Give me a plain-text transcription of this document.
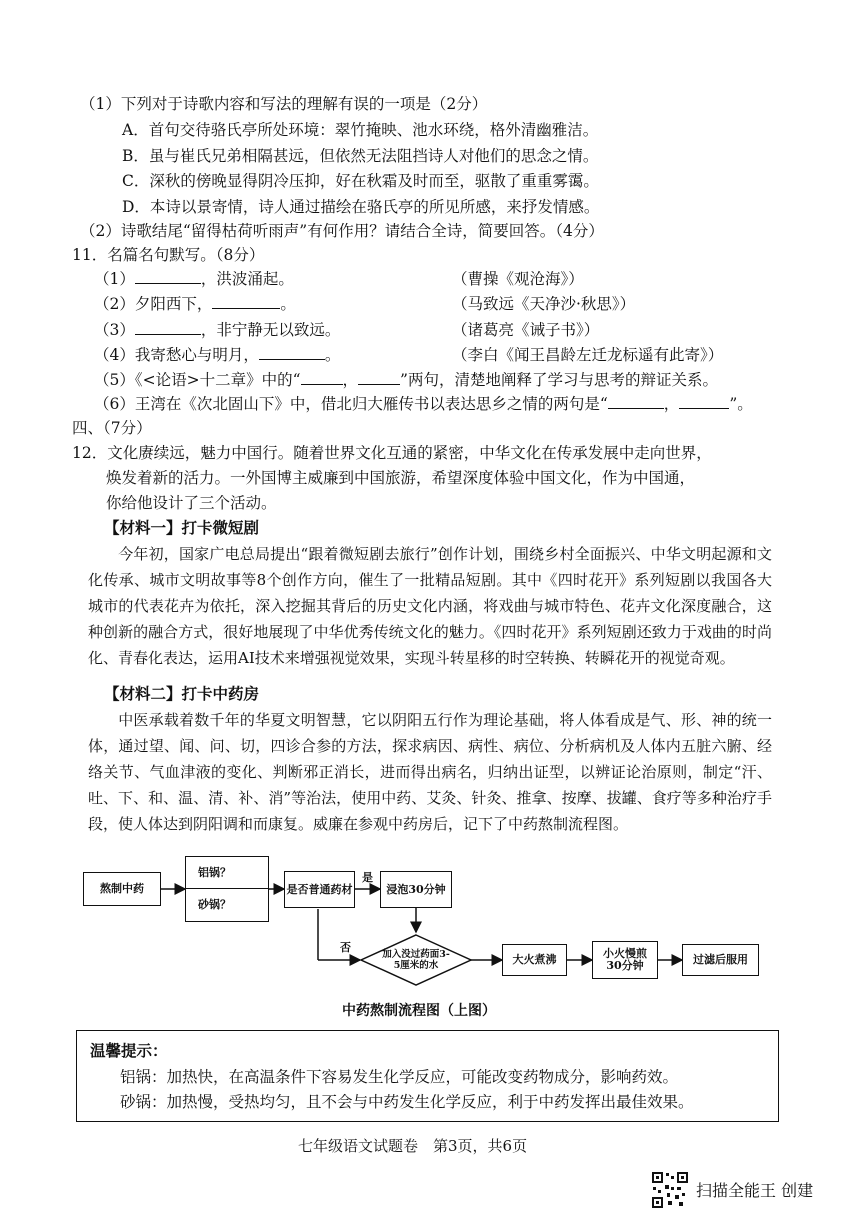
（1）下列对于诗歌内容和写法的理解有误的一项是（2分）
A．首句交待骆氏亭所处环境：翠竹掩映、池水环绕，格外清幽雅洁。
B．虽与崔氏兄弟相隔甚远，但依然无法阻挡诗人对他们的思念之情。
C．深秋的傍晚显得阴冷压抑，好在秋霜及时而至，驱散了重重雾霭。
D．本诗以景寄情，诗人通过描绘在骆氏亭的所见所感，来抒发情感。
（2）诗歌结尾“留得枯荷听雨声”有何作用？请结合全诗，简要回答。（4分）
11．名篇名句默写。（8分）
（1）	，洪波涌起。	（曹操《观沧海》）
（2）夕阳西下，	。	（马致远《天净沙·秋思》）
（3）	，非宁静无以致远。	（诸葛亮《诫子书》）
（4）我寄愁心与明月，	。	（李白《闻王昌龄左迁龙标遥有此寄》）
（5）《<论语>十二章》中的“	，	”两句，清楚地阐释了学习与思考的辩证关系。
（6）王湾在《次北固山下》中，借北归大雁传书以表达思乡之情的两句是“	，	”。
四、（7分）
12．文化赓续远，魅力中国行。随着世界文化互通的紧密，中华文化在传承发展中走向世界，
焕发着新的活力。一外国博主威廉到中国旅游，希望深度体验中国文化，作为中国通，
你给他设计了三个活动。
【材料一】打卡微短剧
今年初，国家广电总局提出“跟着微短剧去旅行”创作计划，围绕乡村全面振兴、中华文明起源和文化传承、城市文明故事等8个创作方向，催生了一批精品短剧。其中《四时花开》系列短剧以我国各大城市的代表花卉为依托，深入挖掘其背后的历史文化内涵，将戏曲与城市特色、花卉文化深度融合，这种创新的融合方式，很好地展现了中华优秀传统文化的魅力。《四时花开》系列短剧还致力于戏曲的时尚化、青春化表达，运用AI技术来增强视觉效果，实现斗转星移的时空转换、转瞬花开的视觉奇观。
【材料二】打卡中药房
中医承载着数千年的华夏文明智慧，它以阴阳五行作为理论基础，将人体看成是气、形、神的统一体，通过望、闻、问、切，四诊合参的方法，探求病因、病性、病位、分析病机及人体内五脏六腑、经络关节、气血津液的变化、判断邪正消长，进而得出病名，归纳出证型，以辨证论治原则，制定“汗、吐、下、和、温、清、补、消”等治法，使用中药、艾灸、针灸、推拿、按摩、拔罐、食疗等多种治疗手段，使人体达到阴阳调和而康复。威廉在参观中药房后，记下了中药熬制流程图。
熬制中药
铝锅？
砂锅？
是否普通药材
是
否
浸泡30分钟
加入没过药面3-5厘米的水	大火煮沸	小火慢煎30分钟	过滤后服用
中药熬制流程图（上图）
温馨提示：
铝锅：加热快，在高温条件下容易发生化学反应，可能改变药物成分，影响药效。
砂锅：加热慢，受热均匀，且不会与中药发生化学反应，利于中药发挥出最佳效果。
七年级语文试题卷　第3页，共6页
扫描全能王 创建
